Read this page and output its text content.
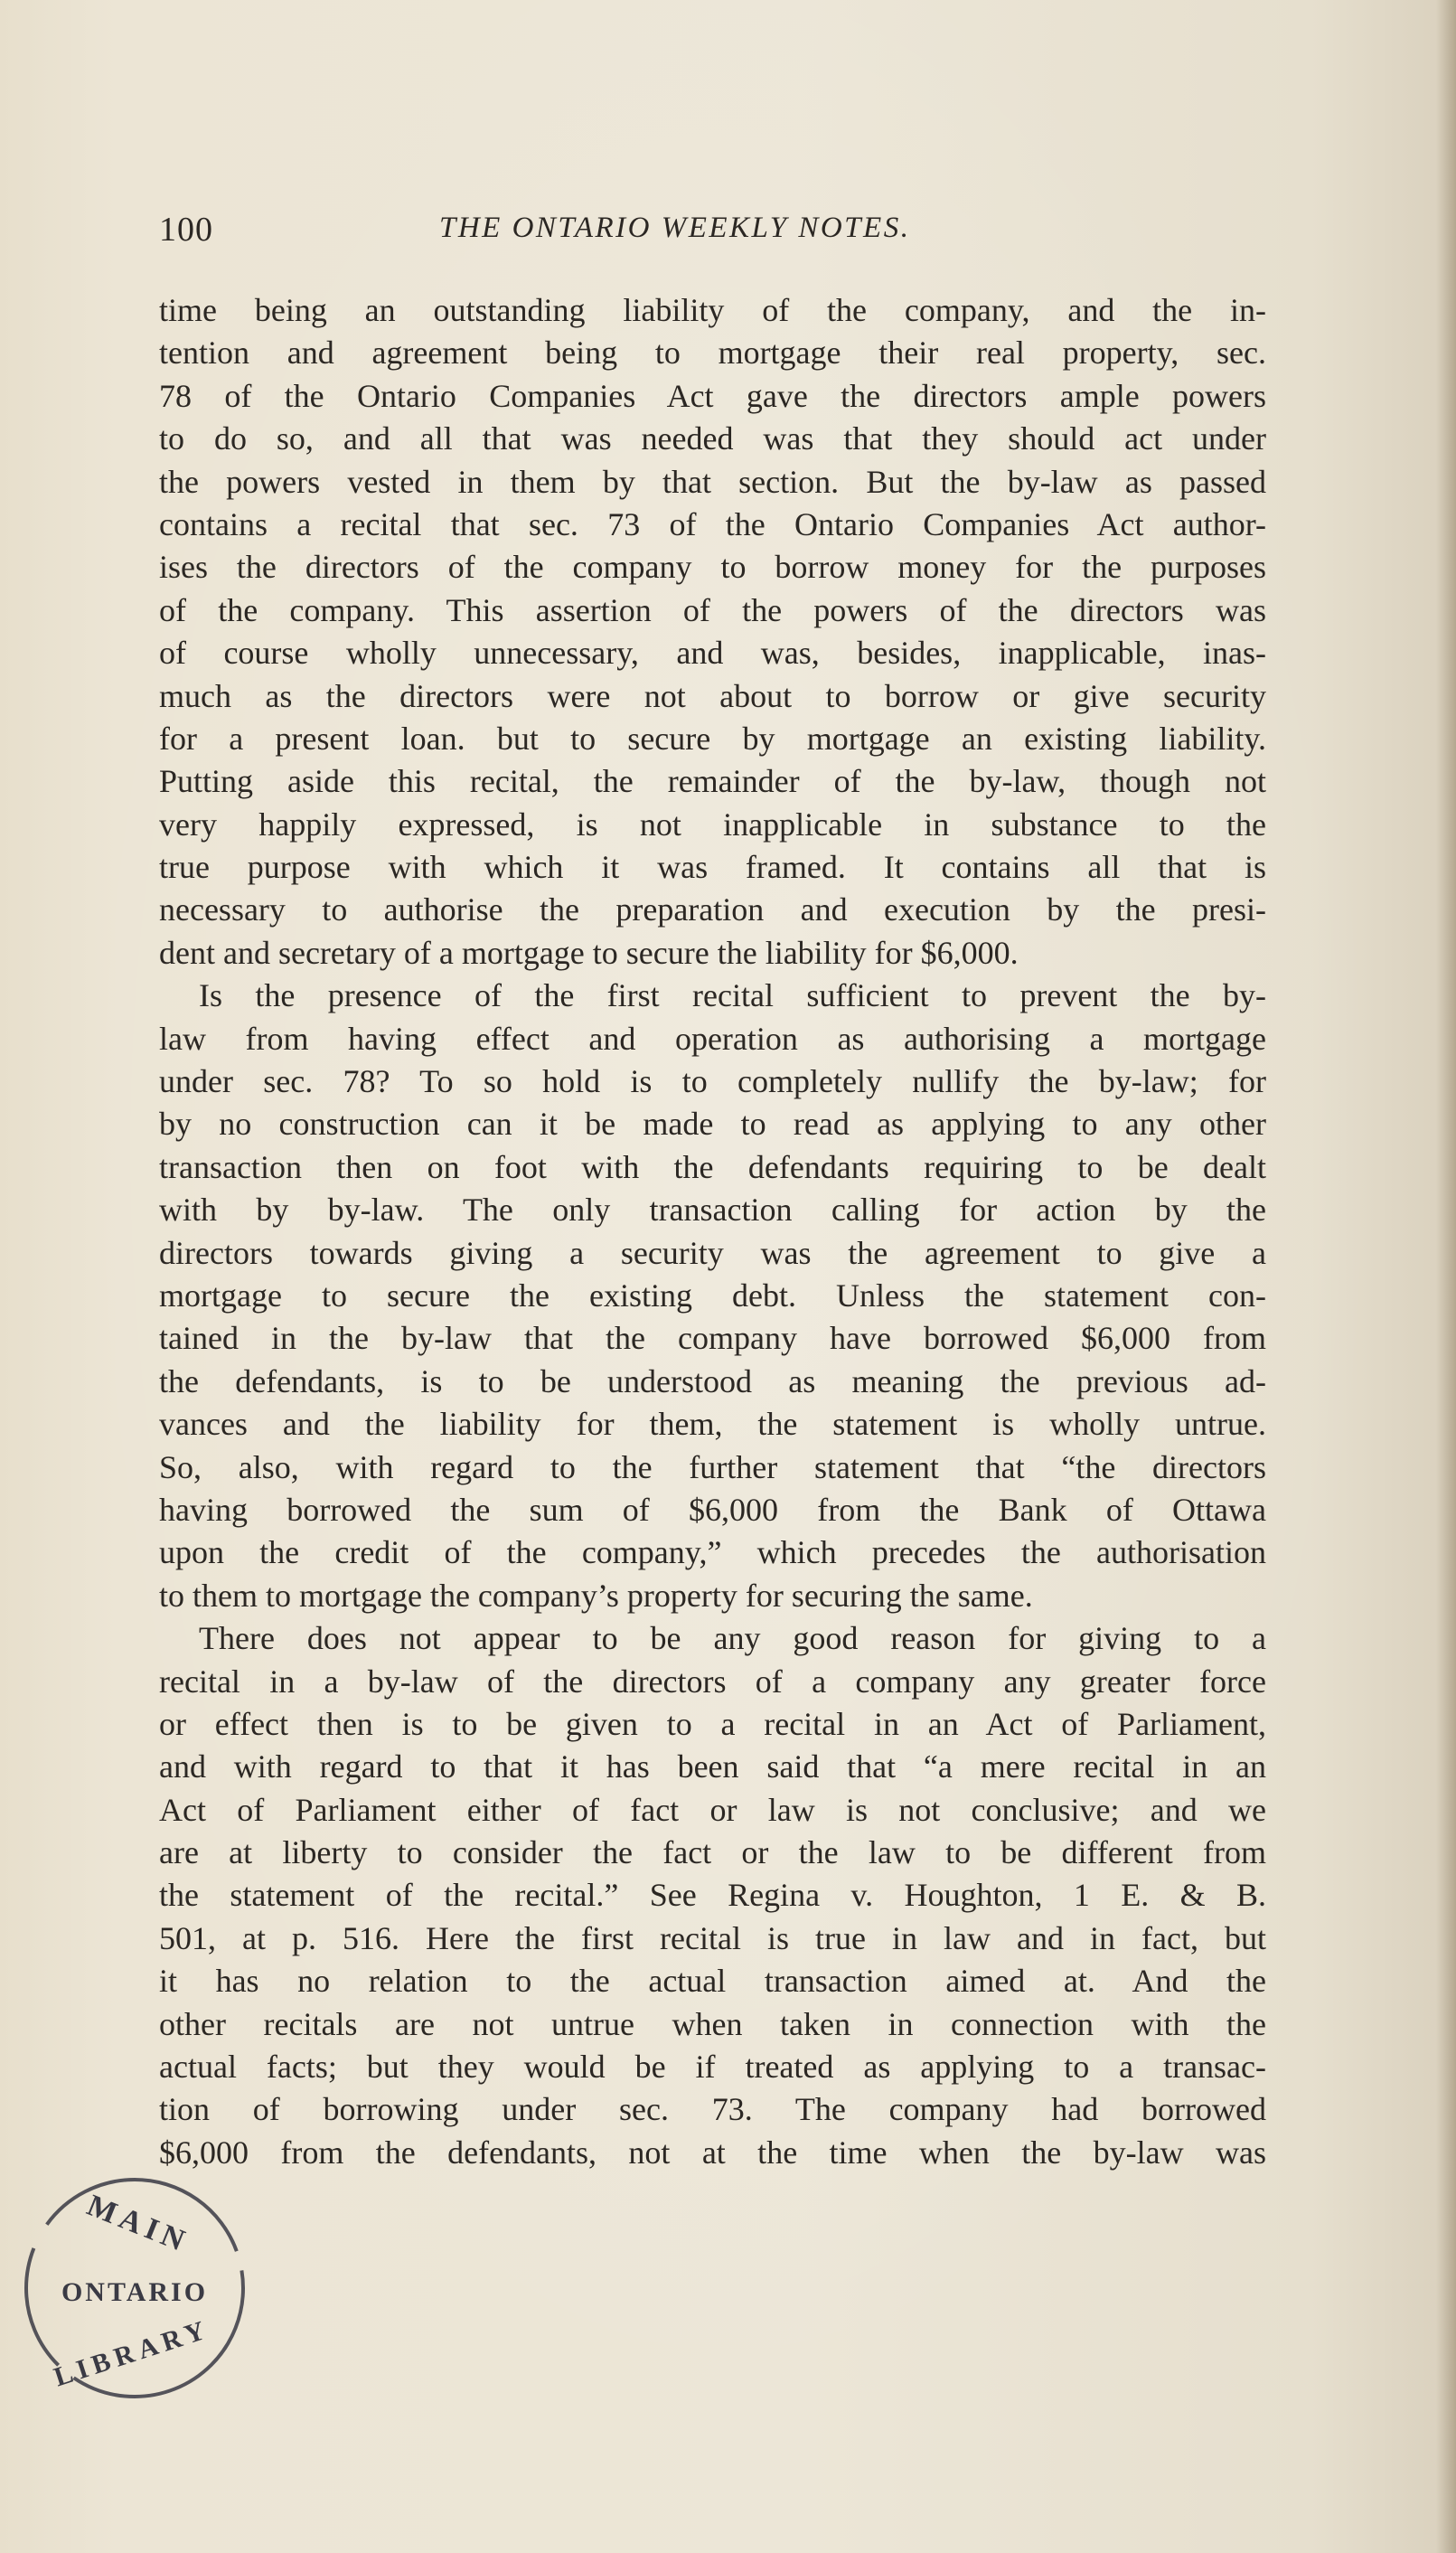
100	THE ONTARIO WEEKLY NOTES.
time being an outstanding liability of the company, and the in-
tention and agreement being to mortgage their real property, sec.
78 of the Ontario Companies Act gave the directors ample powers
to do so, and all that was needed was that they should act under
the powers vested in them by that section. But the by-law as passed
contains a recital that sec. 73 of the Ontario Companies Act author-
ises the directors of the company to borrow money for the purposes
of the company. This assertion of the powers of the directors was
of course wholly unnecessary, and was, besides, inapplicable, inas-
much as the directors were not about to borrow or give security
for a present loan. but to secure by mortgage an existing liability.
Putting aside this recital, the remainder of the by-law, though not
very happily expressed, is not inapplicable in substance to the
true purpose with which it was framed. It contains all that is
necessary to authorise the preparation and execution by the presi-
dent and secretary of a mortgage to secure the liability for $6,000.
Is the presence of the first recital sufficient to prevent the by-
law from having effect and operation as authorising a mortgage
under sec. 78? To so hold is to completely nullify the by-law; for
by no construction can it be made to read as applying to any other
transaction then on foot with the defendants requiring to be dealt
with by by-law. The only transaction calling for action by the
directors towards giving a security was the agreement to give a
mortgage to secure the existing debt. Unless the statement con-
tained in the by-law that the company have borrowed $6,000 from
the defendants, is to be understood as meaning the previous ad-
vances and the liability for them, the statement is wholly untrue.
So, also, with regard to the further statement that “the directors
having borrowed the sum of $6,000 from the Bank of Ottawa
upon the credit of the company,” which precedes the authorisation
to them to mortgage the company’s property for securing the same.
There does not appear to be any good reason for giving to a
recital in a by-law of the directors of a company any greater force
or effect then is to be given to a recital in an Act of Parliament,
and with regard to that it has been said that “a mere recital in an
Act of Parliament either of fact or law is not conclusive; and we
are at liberty to consider the fact or the law to be different from
the statement of the recital.” See Regina v. Houghton, 1 E. & B.
501, at p. 516. Here the first recital is true in law and in fact, but
it has no relation to the actual transaction aimed at. And the
other recitals are not untrue when taken in connection with the
actual facts; but they would be if treated as applying to a transac-
tion of borrowing under sec. 73. The company had borrowed
$6,000 from the defendants, not at the time when the by-law was
MAIN
ONTARIO
LIBRARY
